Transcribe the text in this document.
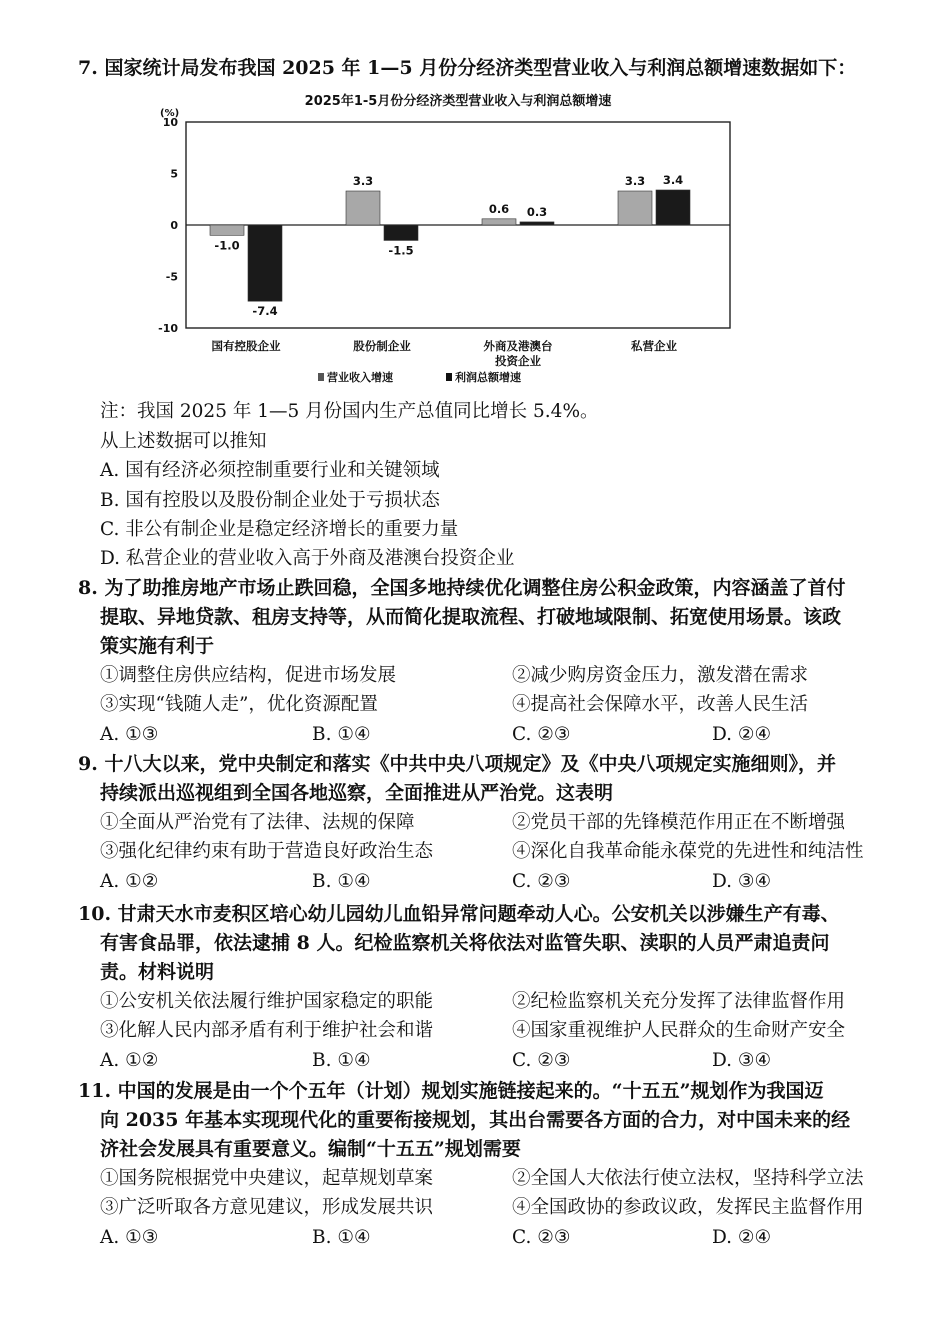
7. 国家统计局发布我国 2025 年 1—5 月份分经济类型营业收入与利润总额增速数据如下：
2025年1-5月份分经济类型营业收入与利润总额增速
(%)
10
5
0
-5
-10
-1.0
-7.4
国有控股企业
3.3
-1.5
股份制企业
0.6 0.3
外商及港澳台
投资企业
3.3 3.4
私营企业
营业收入增速	利润总额增速
注：我国 2025 年 1—5 月份国内生产总值同比增长 5.4%。
从上述数据可以推知
A. 国有经济必须控制重要行业和关键领域
B. 国有控股以及股份制企业处于亏损状态
C. 非公有制企业是稳定经济增长的重要力量
D. 私营企业的营业收入高于外商及港澳台投资企业
8. 为了助推房地产市场止跌回稳，全国多地持续优化调整住房公积金政策，内容涵盖了首付
提取、异地贷款、租房支持等，从而简化提取流程、打破地域限制、拓宽使用场景。该政
策实施有利于
①调整住房供应结构，促进市场发展	②减少购房资金压力，激发潜在需求
③实现“钱随人走”，优化资源配置	④提高社会保障水平，改善人民生活
A. ①③	B. ①④	C. ②③	D. ②④
9. 十八大以来，党中央制定和落实《中共中央八项规定》及《中央八项规定实施细则》，并
持续派出巡视组到全国各地巡察，全面推进从严治党。这表明
①全面从严治党有了法律、法规的保障	②党员干部的先锋模范作用正在不断增强
③强化纪律约束有助于营造良好政治生态	④深化自我革命能永葆党的先进性和纯洁性
A. ①②	B. ①④	C. ②③	D. ③④
10. 甘肃天水市麦积区培心幼儿园幼儿血铅异常问题牵动人心。公安机关以涉嫌生产有毒、
有害食品罪，依法逮捕 8 人。纪检监察机关将依法对监管失职、渎职的人员严肃追责问
责。材料说明
①公安机关依法履行维护国家稳定的职能	②纪检监察机关充分发挥了法律监督作用
③化解人民内部矛盾有利于维护社会和谐	④国家重视维护人民群众的生命财产安全
A. ①②	B. ①④	C. ②③	D. ③④
11. 中国的发展是由一个个五年（计划）规划实施链接起来的。“十五五”规划作为我国迈
向 2035 年基本实现现代化的重要衔接规划，其出台需要各方面的合力，对中国未来的经
济社会发展具有重要意义。编制“十五五”规划需要
①国务院根据党中央建议，起草规划草案	②全国人大依法行使立法权，坚持科学立法
③广泛听取各方意见建议，形成发展共识	④全国政协的参政议政，发挥民主监督作用
A. ①③	B. ①④	C. ②③	D. ②④
